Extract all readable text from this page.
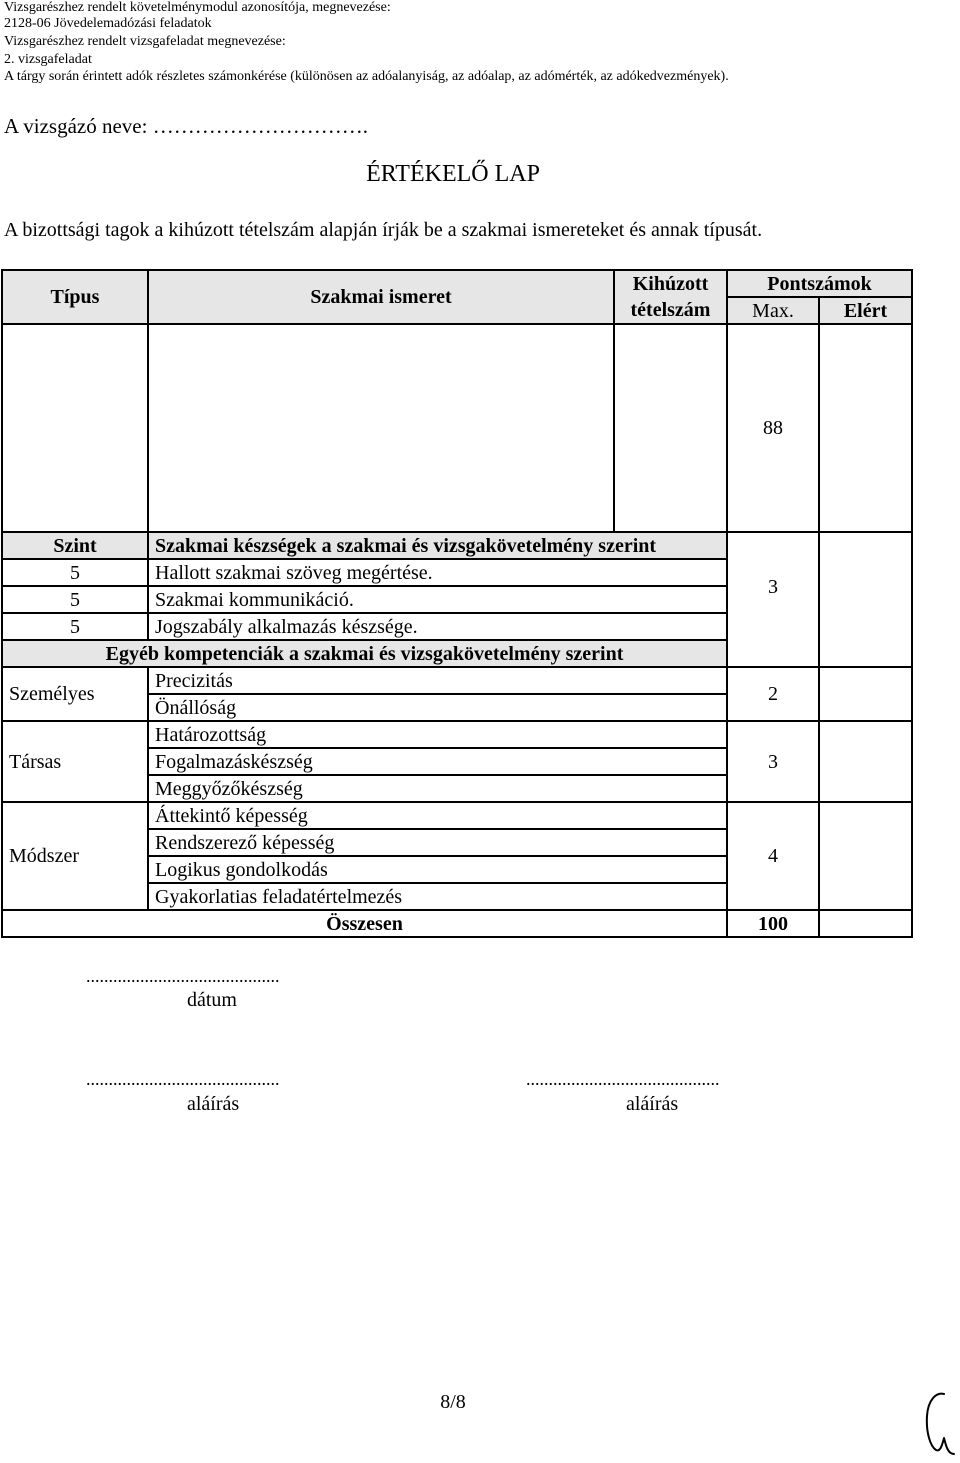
Vizsgarészhez rendelt követelménymodul azonosítója, megnevezése:
2128-06 Jövedelemadózási feladatok
Vizsgarészhez rendelt vizsgafeladat megnevezése:
2. vizsgafeladat
A tárgy során érintett adók részletes számonkérése (különösen az adóalanyiság, az adóalap, az adómérték, az adókedvezmények).
A vizsgázó neve: ………………………….
ÉRTÉKELŐ LAP
A bizottsági tagok a kihúzott tételszám alapján írják be a szakmai ismereteket és annak típusát.
Típus	Szakmai ismeret	Kihúzott	Pontszámok	
		tételszám	Max.	Elért
			88	
Szint	Szakmai készségek a szakmai és vizsgakövetelmény szerint		3	
5	Hallott szakmai szöveg megértése.			
5	Szakmai kommunikáció.			
5	Jogszabály alkalmazás készsége.			
Egyéb kompetenciák a szakmai és vizsgakövetelmény szerint				
Személyes	Precizitás		2	
	Önállóság			
Társas	Határozottság		3	
	Fogalmazáskészség			
	Meggyőzőkészség			
Módszer	Áttekintő képesség		4	
	Rendszerező képesség			
	Logikus gondolkodás			
	Gyakorlatias feladatértelmezés			
Összesen			100	
...........................................
dátum
...........................................
aláírás
...........................................
aláírás
8/8
